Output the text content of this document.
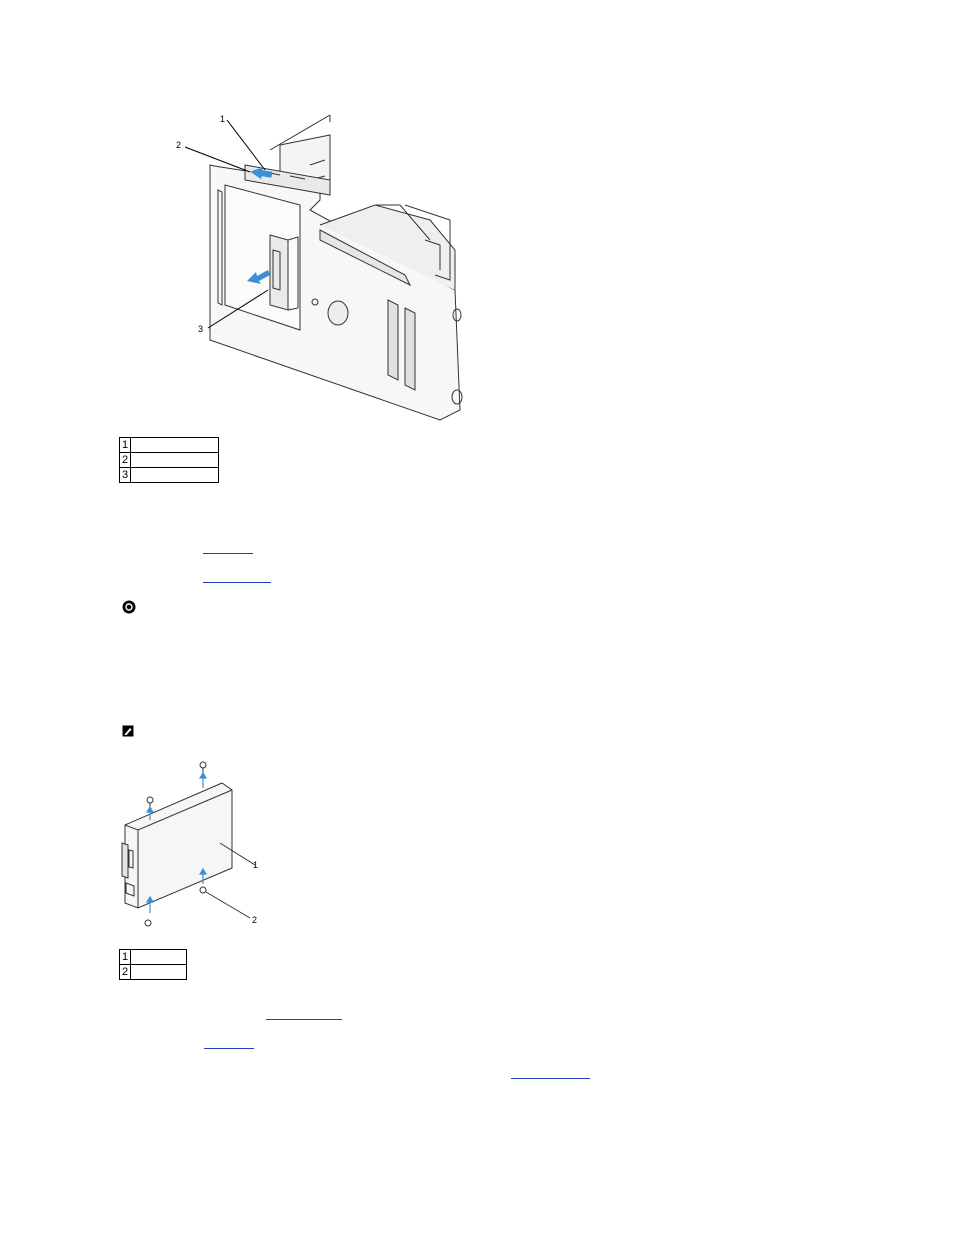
1
2
3
1	
2	
3	
1
2
1	
2	
